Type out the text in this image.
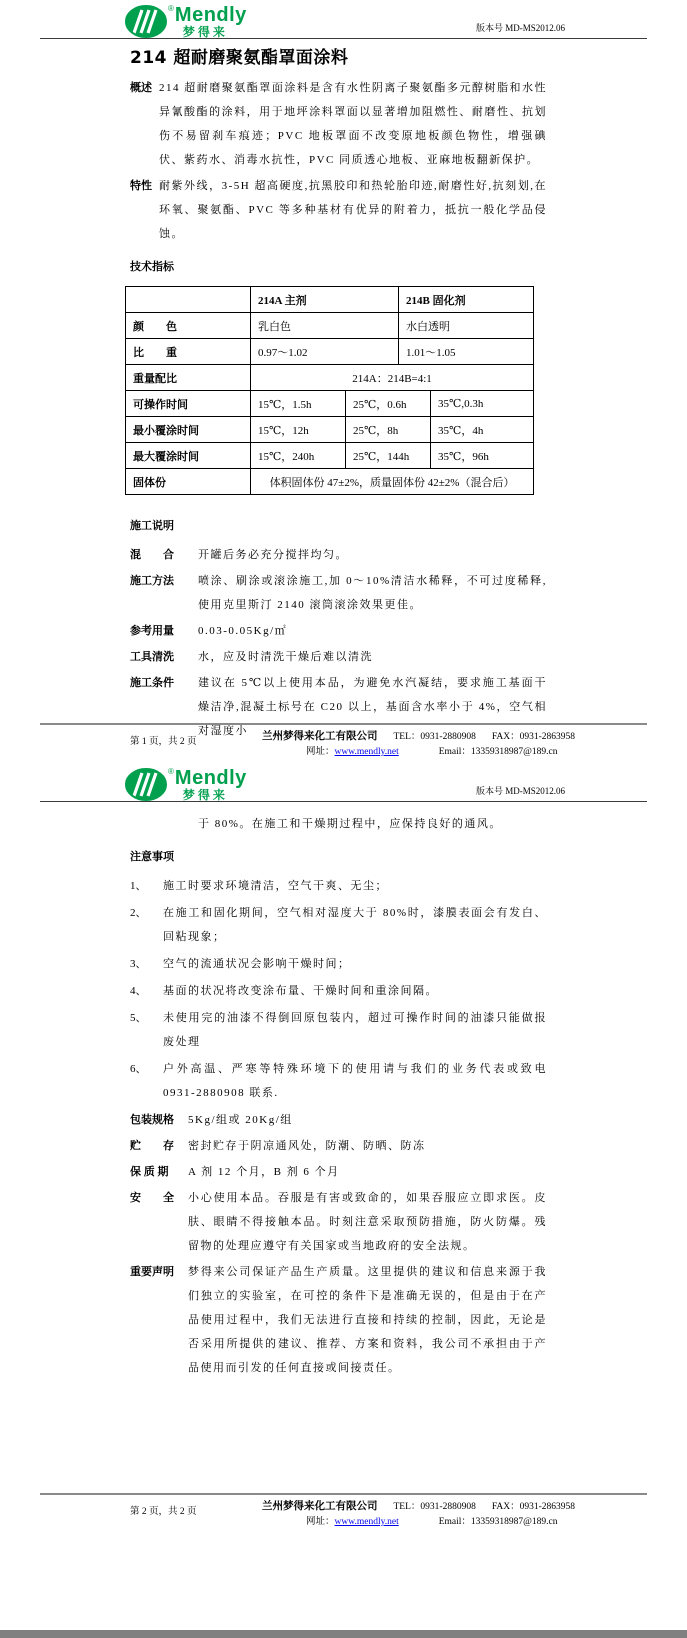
® Mendly
梦得来	版本号 MD-MS2012.06
214 超耐磨聚氨酯罩面涂料
概述 214 超耐磨聚氨酯罩面涂料是含有水性阴离子聚氨酯多元醇树脂和水性异氰酸酯的涂料，用于地坪涂料罩面以显著增加阻燃性、耐磨性、抗划伤不易留刹车痕迹；PVC 地板罩面不改变原地板颜色物性，增强碘伏、紫药水、消毒水抗性，PVC 同质透心地板、亚麻地板翻新保护。
特性 耐紫外线，3-5H 超高硬度,抗黑胶印和热轮胎印迹,耐磨性好,抗刻划,在环氧、聚氨酯、PVC 等多种基材有优异的附着力，抵抗一般化学品侵蚀。
技术指标
	214A 主剂		214B 固化剂	
颜　　色	乳白色		水白透明	
比　　重	0.97～1.02		1.01～1.05	
重量配比	214A：214B=4:1			
可操作时间	15℃，1.5h	25℃，0.6h		35℃,0.3h
最小覆涂时间	15℃，12h	25℃，8h		35℃，4h
最大覆涂时间	15℃，240h	25℃，144h		35℃，96h
固体份	体积固体份 47±2%，质量固体份 42±2%（混合后）			
施工说明
混　　合	开罐后务必充分搅拌均匀。
施工方法	喷涂、刷涂或滚涂施工,加 0～10%清洁水稀释，不可过度稀释,使用克里斯汀 2140 滚筒滚涂效果更佳。
参考用量	0.03-0.05Kg/㎡
工具清洗	水，应及时清洗干燥后难以清洗
施工条件	建议在 5℃以上使用本品，为避免水汽凝结，要求施工基面干燥洁净,混凝土标号在 C20 以上，基面含水率小于 4%，空气相对湿度小
第 1 页，共 2 页	兰州梦得来化工有限公司 TEL：0931-2880908 FAX：0931-2863958
网址：www.mendly.net	Email：13359318987@189.cn
® Mendly
梦得来	版本号 MD-MS2012.06
于 80%。在施工和干燥期过程中，应保持良好的通风。
注意事项
1、	施工时要求环境清洁，空气干爽、无尘；
2、	在施工和固化期间，空气相对湿度大于 80%时，漆膜表面会有发白、回粘现象；
3、	空气的流通状况会影响干燥时间；
4、	基面的状况将改变涂布量、干燥时间和重涂间隔。
5、	未使用完的油漆不得倒回原包装内，超过可操作时间的油漆只能做报废处理
6、	户外高温、严寒等特殊环境下的使用请与我们的业务代表或致电 0931-2880908 联系.
包装规格	5Kg/组或 20Kg/组
贮　　存	密封贮存于阴凉通风处，防潮、防晒、防冻
保 质 期	A 剂 12 个月，B 剂 6 个月
安　　全	小心使用本品。吞服是有害或致命的，如果吞服应立即求医。皮肤、眼睛不得接触本品。时刻注意采取预防措施，防火防爆。残留物的处理应遵守有关国家或当地政府的安全法规。
重要声明	梦得来公司保证产品生产质量。这里提供的建议和信息来源于我们独立的实验室，在可控的条件下是准确无误的，但是由于在产品使用过程中，我们无法进行直接和持续的控制，因此，无论是否采用所提供的建议、推荐、方案和资料，我公司不承担由于产品使用而引发的任何直接或间接责任。
第 2 页，共 2 页	兰州梦得来化工有限公司 TEL：0931-2880908 FAX：0931-2863958
网址：www.mendly.net	Email：13359318987@189.cn
